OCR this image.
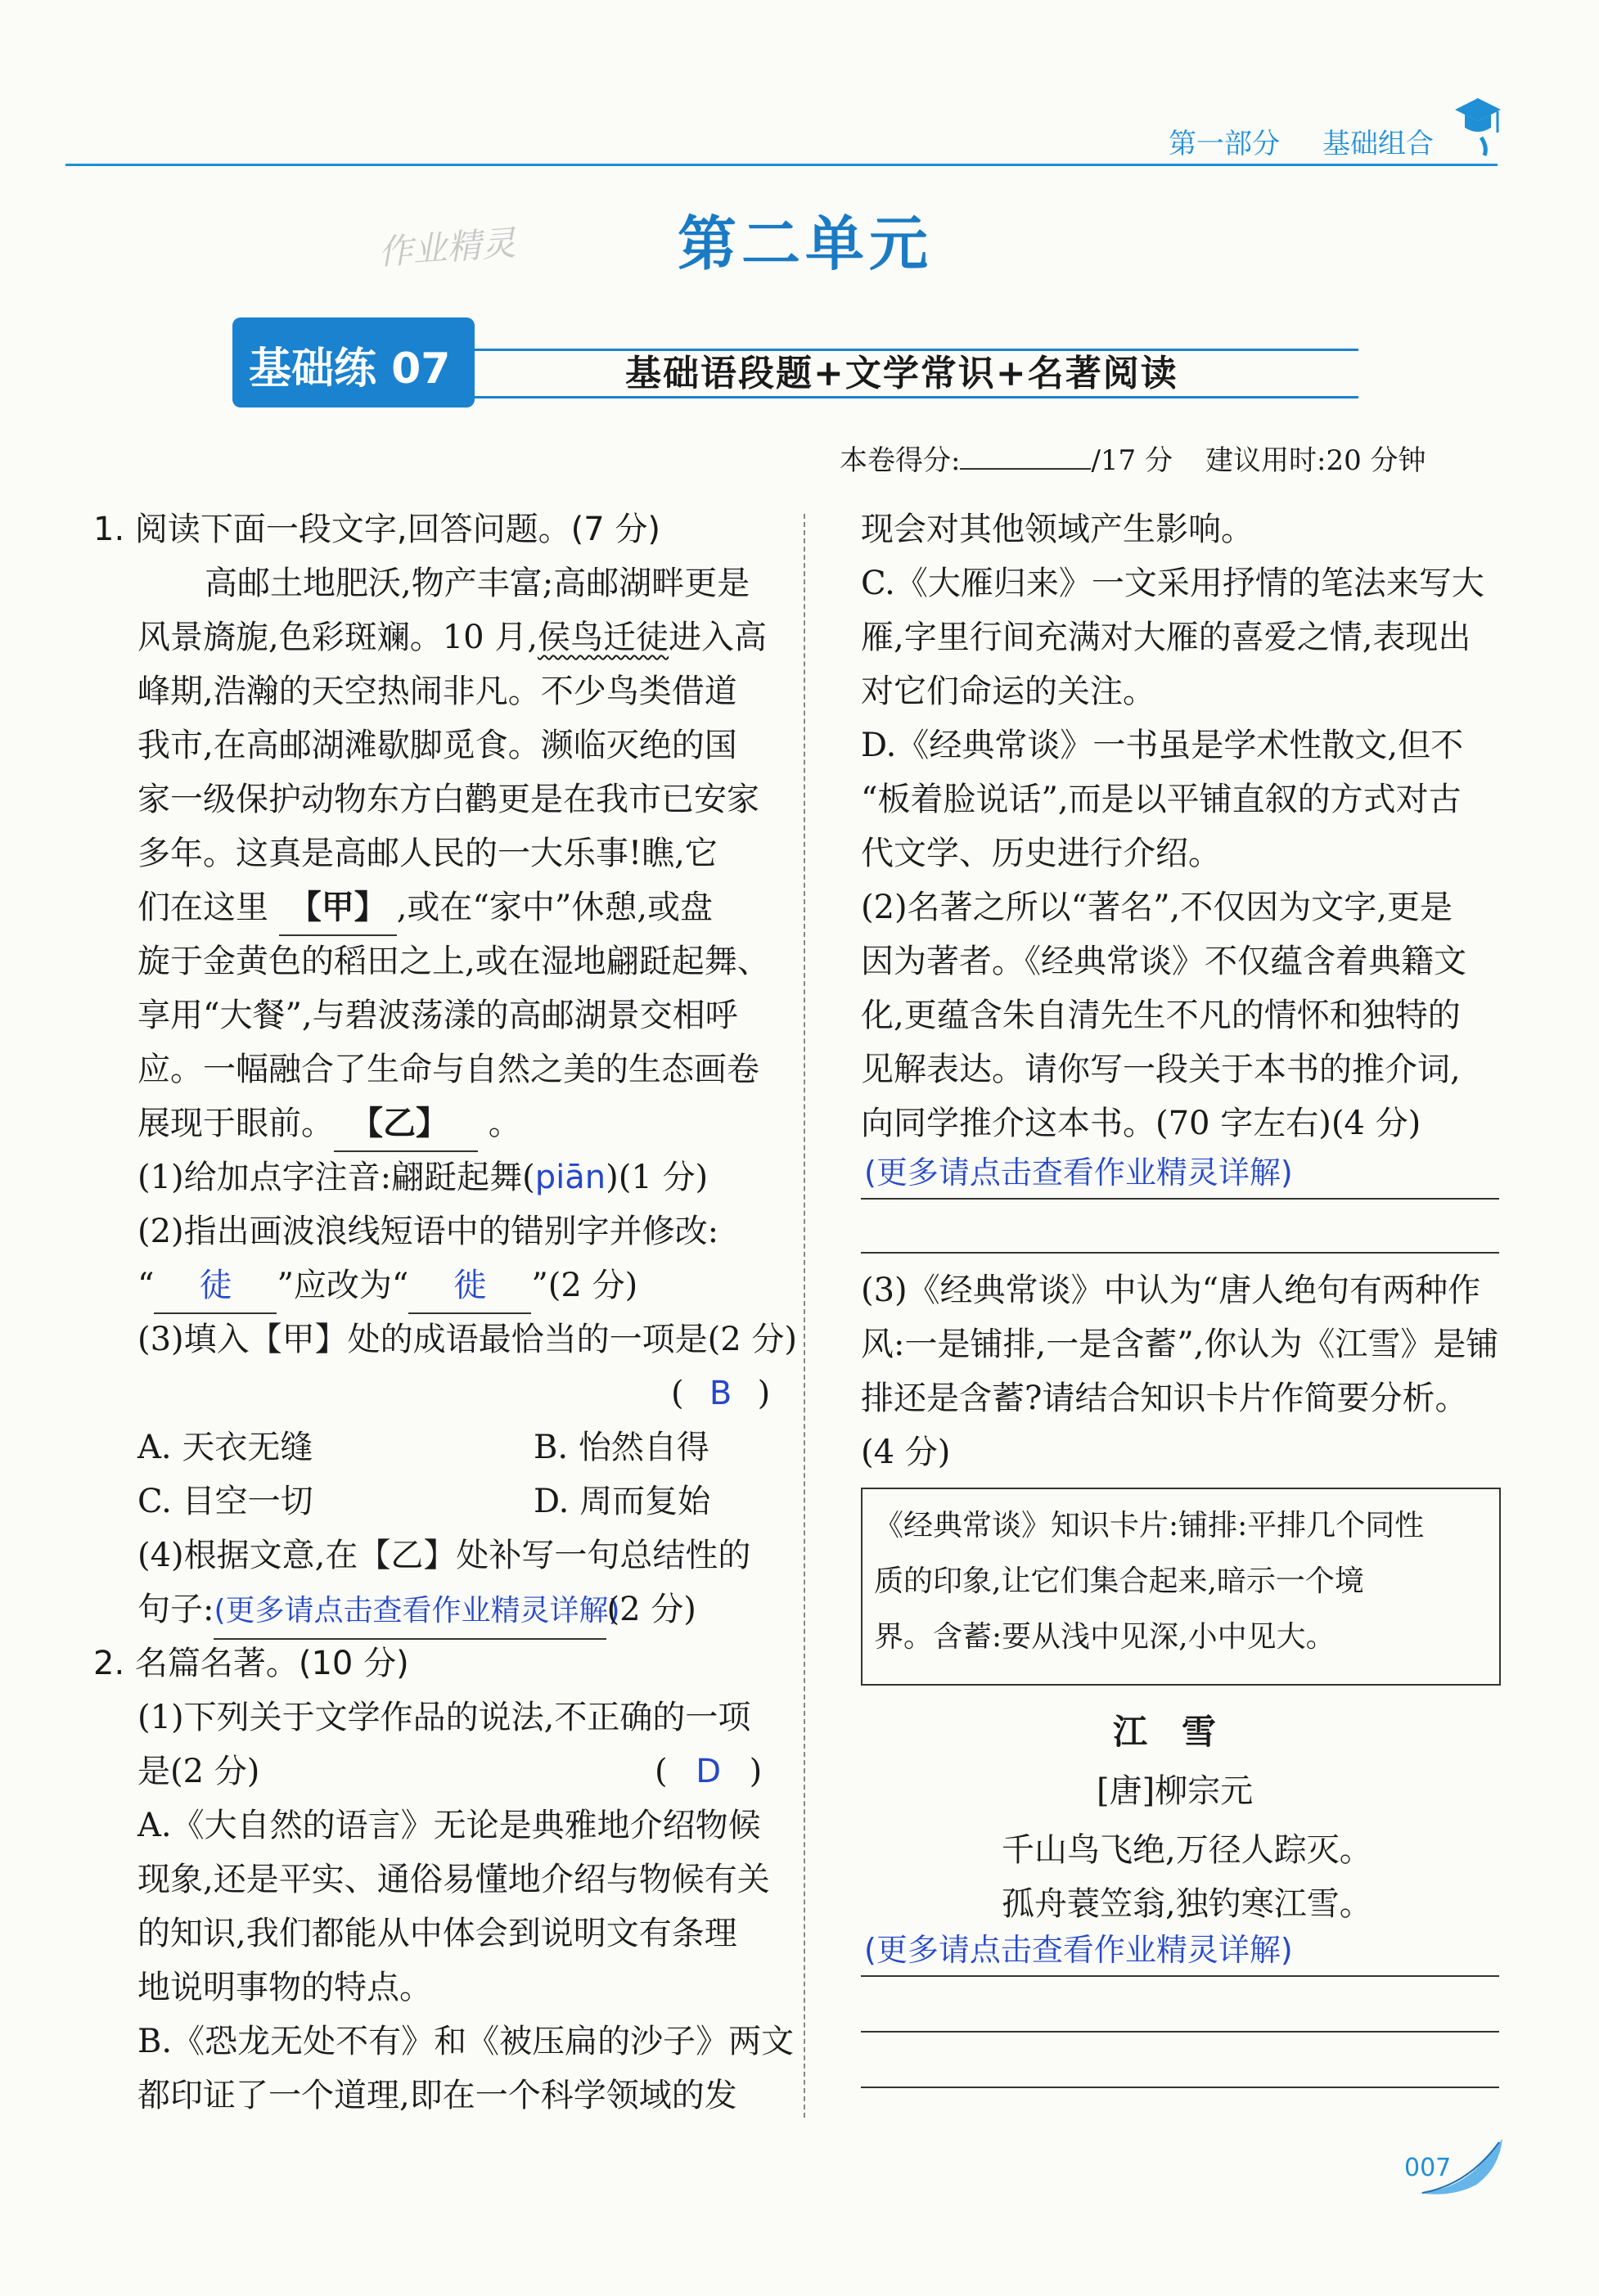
第一部分 基础组合
作业精灵	第二单元
基础练 07	基础语段题+文学常识+名著阅读
本卷得分:	/17 分 建议用时:20 分钟
1. 阅读下面一段文字,回答问题。(7 分)
高邮土地肥沃,物产丰富;高邮湖畔更是
风景旖旎,色彩斑斓。10 月,侯鸟迁徒进入高
峰期,浩瀚的天空热闹非凡。不少鸟类借道
我市,在高邮湖滩歇脚觅食。濒临灭绝的国
家一级保护动物东方白鹳更是在我市已安家
多年。这真是高邮人民的一大乐事!瞧,它
们在这里 【甲】 ,或在“家中”休憩,或盘
旋于金黄色的稻田之上,或在湿地翩跹起舞、
享用“大餐”,与碧波荡漾的高邮湖景交相呼
应。一幅融合了生命与自然之美的生态画卷
展现于眼前。 【乙】 。
(1)给加点字注音:翩跹起舞(piān)(1 分)
(2)指出画波浪线短语中的错别字并修改:
“ 徒 ”应改为“ 徙 ”(2 分)
(3)填入【甲】处的成语最恰当的一项是(2 分)
( B )
A. 天衣无缝	B. 怡然自得
C. 目空一切	D. 周而复始
(4)根据文意,在【乙】处补写一句总结性的
句子:(更多请点击查看作业精灵详解)(2 分)
2. 名篇名著。(10 分)
(1)下列关于文学作品的说法,不正确的一项
是(2 分)	( D )
A.《大自然的语言》无论是典雅地介绍物候
现象,还是平实、通俗易懂地介绍与物候有关
的知识,我们都能从中体会到说明文有条理
地说明事物的特点。
B.《恐龙无处不有》和《被压扁的沙子》两文
都印证了一个道理,即在一个科学领域的发
现会对其他领域产生影响。
C.《大雁归来》一文采用抒情的笔法来写大
雁,字里行间充满对大雁的喜爱之情,表现出
对它们命运的关注。
D.《经典常谈》一书虽是学术性散文,但不
“板着脸说话”,而是以平铺直叙的方式对古
代文学、历史进行介绍。
(2)名著之所以“著名”,不仅因为文字,更是
因为著者。《经典常谈》不仅蕴含着典籍文
化,更蕴含朱自清先生不凡的情怀和独特的
见解表达。请你写一段关于本书的推介词,
向同学推介这本书。(70 字左右)(4 分)
(更多请点击查看作业精灵详解)
(3)《经典常谈》中认为“唐人绝句有两种作
风:一是铺排,一是含蓄”,你认为《江雪》是铺
排还是含蓄?请结合知识卡片作简要分析。
(4 分)
《经典常谈》知识卡片:铺排:平排几个同性
质的印象,让它们集合起来,暗示一个境
界。含蓄:要从浅中见深,小中见大。
江　雪
[唐]柳宗元
千山鸟飞绝,万径人踪灭。
孤舟蓑笠翁,独钓寒江雪。
(更多请点击查看作业精灵详解)
007
